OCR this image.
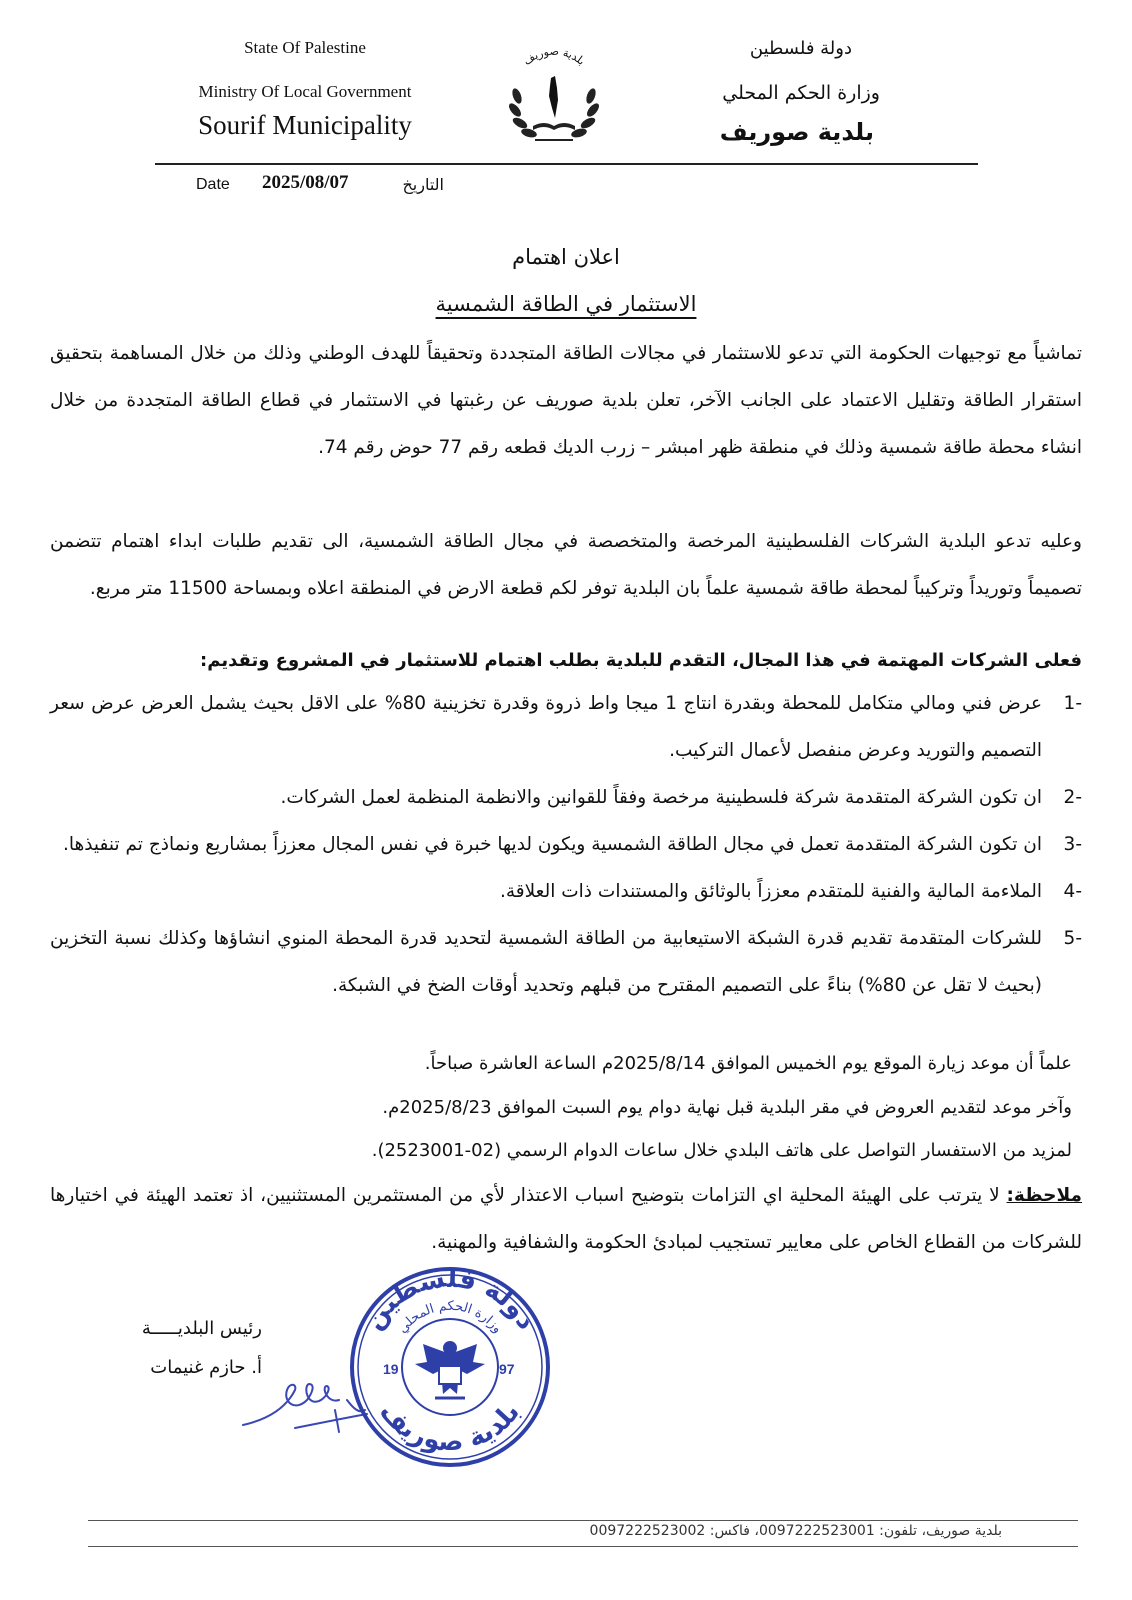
State Of Palestine
Ministry Of Local Government
Sourif Municipality
دولة فلسطين
وزارة الحكم المحلي
بلدية صوريف
بلدية صوريف
Date 2025/08/07	التاريخ
اعلان اهتمام
الاستثمار في الطاقة الشمسية
تماشياً مع توجيهات الحكومة التي تدعو للاستثمار في مجالات الطاقة المتجددة وتحقيقاً للهدف الوطني وذلك من خلال المساهمة بتحقيق استقرار الطاقة وتقليل الاعتماد على الجانب الآخر، تعلن بلدية صوريف عن رغبتها في الاستثمار في قطاع الطاقة المتجددة من خلال انشاء محطة طاقة شمسية وذلك في منطقة ظهر امبشر – زرب الديك قطعه رقم 77 حوض رقم 74.
وعليه تدعو البلدية الشركات الفلسطينية المرخصة والمتخصصة في مجال الطاقة الشمسية، الى تقديم طلبات ابداء اهتمام تتضمن تصميماً وتوريداً وتركيباً لمحطة طاقة شمسية علماً بان البلدية توفر لكم قطعة الارض في المنطقة اعلاه وبمساحة 11500 متر مربع.
فعلى الشركات المهتمة في هذا المجال، التقدم للبلدية بطلب اهتمام للاستثمار في المشروع وتقديم:
-1
عرض فني ومالي متكامل للمحطة وبقدرة انتاج 1 ميجا واط ذروة وقدرة تخزينية 80% على الاقل بحيث يشمل العرض عرض سعر التصميم والتوريد وعرض منفصل لأعمال التركيب.
-2
ان تكون الشركة المتقدمة شركة فلسطينية مرخصة وفقاً للقوانين والانظمة المنظمة لعمل الشركات.
-3
ان تكون الشركة المتقدمة تعمل في مجال الطاقة الشمسية ويكون لديها خبرة في نفس المجال معززاً بمشاريع ونماذج تم تنفيذها.
-4
الملاءمة المالية والفنية للمتقدم معززاً بالوثائق والمستندات ذات العلاقة.
-5
للشركات المتقدمة تقديم قدرة الشبكة الاستيعابية من الطاقة الشمسية لتحديد قدرة المحطة المنوي انشاؤها وكذلك نسبة التخزين (بحيث لا تقل عن 80%) بناءً على التصميم المقترح من قبلهم وتحديد أوقات الضخ في الشبكة.
علماً أن موعد زيارة الموقع يوم الخميس الموافق 2025/8/14م الساعة العاشرة صباحاً.
وآخر موعد لتقديم العروض في مقر البلدية قبل نهاية دوام يوم السبت الموافق 2025/8/23م.
لمزيد من الاستفسار التواصل على هاتف البلدي خلال ساعات الدوام الرسمي (02-2523001).
ملاحظة: لا يترتب على الهيئة المحلية اي التزامات بتوضيح اسباب الاعتذار لأي من المستثمرين المستثنيين، اذ تعتمد الهيئة في اختيارها للشركات من القطاع الخاص على معايير تستجيب لمبادئ الحكومة والشفافية والمهنية.
رئيس البلديـــــة
أ. حازم غنيمات
دولة فلسطين
وزارة الحكم المحلي
بلدية صوريف
19	97
بلدية صوريف، تلفون: 0097222523001، فاكس: 0097222523002
